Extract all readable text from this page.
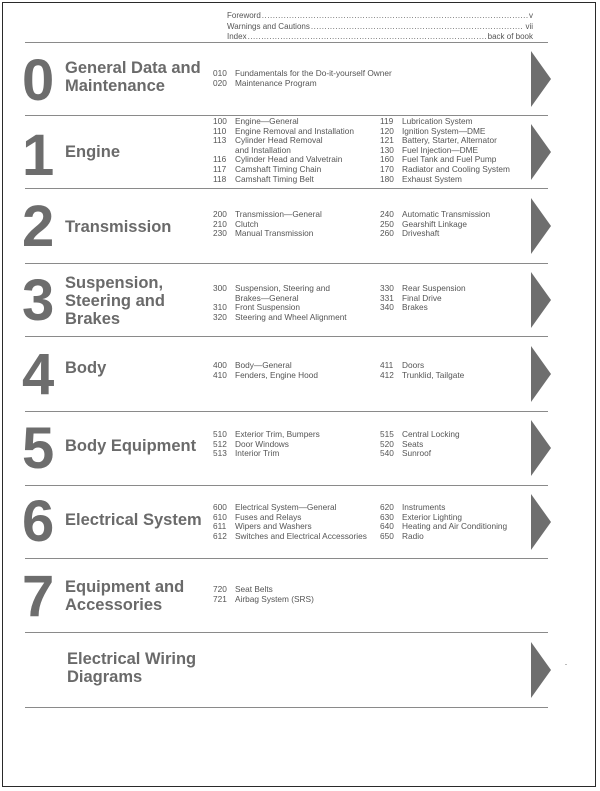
Foreword .....	v
Warnings and Cautions .....	vii
Index .....	back of book
0 General Data and
Maintenance
010 Fundamentals for the Do-it-yourself Owner
020 Maintenance Program
1 Engine
100 Engine—General
110	Engine Removal and Installation
113	Cylinder Head Removal
and Installation
116	Cylinder Head and Valvetrain
117	Camshaft Timing Chain
118	Camshaft Timing Belt
119	Lubrication System
120 Ignition System—DME
121 Battery, Starter, Alternator
130 Fuel Injection—DME
160 Fuel Tank and Fuel Pump
170 Radiator and Cooling System
180 Exhaust System
2 Transmission
200 Transmission—General
210 Clutch
230 Manual Transmission
240 Automatic Transmission
250 Gearshift Linkage
260 Driveshaft
3 Suspension,
Steering and
Brakes
300 Suspension, Steering and
Brakes—General
310 Front Suspension
320 Steering and Wheel Alignment
330 Rear Suspension
331 Final Drive
340 Brakes
4 Body	400 Body—General
410 Fenders, Engine Hood
411	Doors
412 Trunklid, Tailgate
5 Body Equipment
510 Exterior Trim, Bumpers
512 Door Windows
513 Interior Trim
515 Central Locking
520 Seats
540 Sunroof
6 Electrical System
600 Electrical System—General
610 Fuses and Relays
611	Wipers and Washers
612 Switches and Electrical Accessories
620 Instruments
630 Exterior Lighting
640 Heating and Air Conditioning
650 Radio
7 Equipment and
Accessories
720 Seat Belts
721 Airbag System (SRS)
Electrical Wiring
Diagrams
